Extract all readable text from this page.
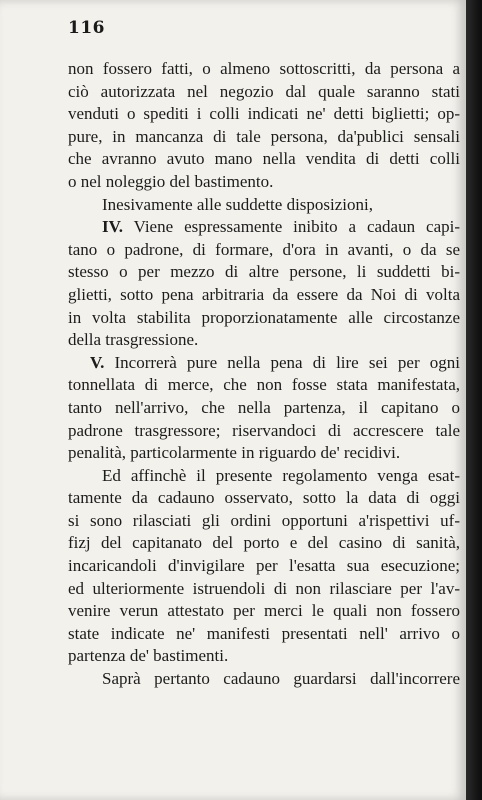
116
non fossero fatti, o almeno sottoscritti, da persona a
ciò autorizzata nel negozio dal quale saranno stati
venduti o spediti i colli indicati ne' detti biglietti; op-
pure, in mancanza di tale persona, da'publici sensali
che avranno avuto mano nella vendita di detti colli
o nel noleggio del bastimento.
Inesivamente alle suddette disposizioni,
IV. Viene espressamente inibito a cadaun capi-
tano o padrone, di formare, d'ora in avanti, o da se
stesso o per mezzo di altre persone, li suddetti bi-
glietti, sotto pena arbitraria da essere da Noi di volta
in volta stabilita proporzionatamente alle circostanze
della trasgressione.
V. Incorrerà pure nella pena di lire sei per ogni
tonnellata di merce, che non fosse stata manifestata,
tanto nell'arrivo, che nella partenza, il capitano o
padrone trasgressore; riservandoci di accrescere tale
penalità, particolarmente in riguardo de' recidivi.
Ed affinchè il presente regolamento venga esat-
tamente da cadauno osservato, sotto la data di oggi
si sono rilasciati gli ordini opportuni a'rispettivi uf-
fizj del capitanato del porto e del casino di sanità,
incaricandoli d'invigilare per l'esatta sua esecuzione;
ed ulteriormente istruendoli di non rilasciare per l'av-
venire verun attestato per merci le quali non fossero
state indicate ne' manifesti presentati nell' arrivo o
partenza de' bastimenti.
Saprà pertanto cadauno guardarsi dall'incorrere
